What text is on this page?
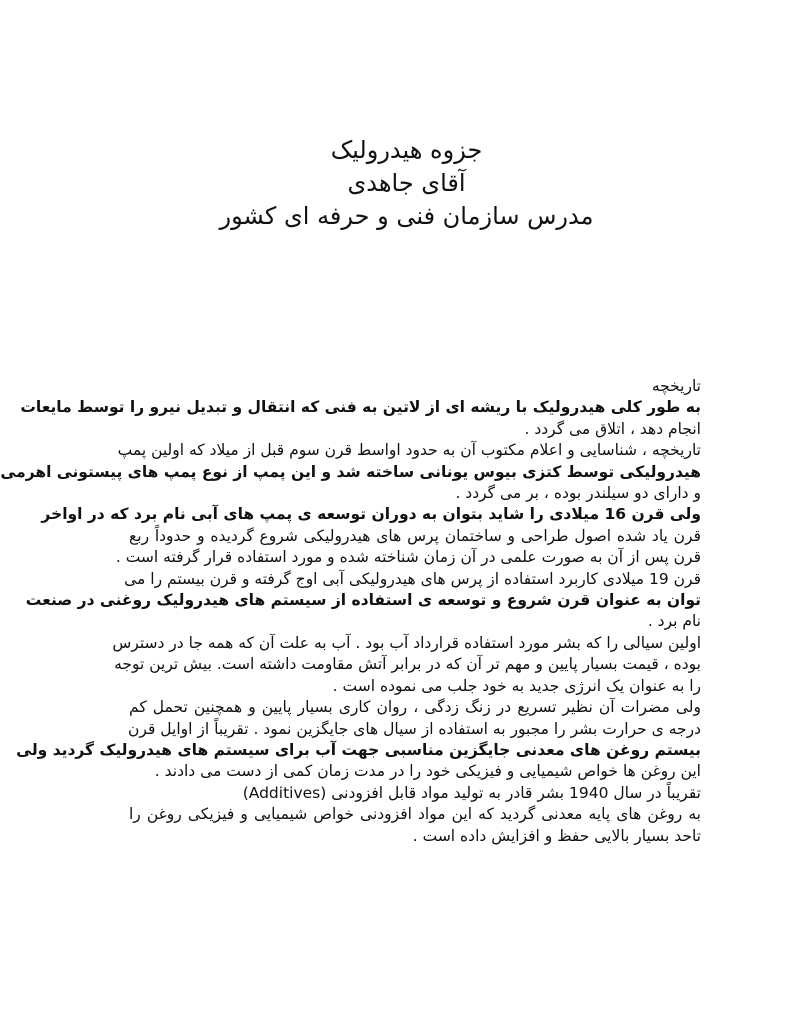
جزوه هیدرولیک

آقای جاهدی

مدرس سازمان فنی و حرفه ای کشور

تاریخچه

به طور کلی هیدرولیک با ریشه ای از لاتین به فنی که انتقال و تبدیل نیرو را توسط مایعات

انجام دهد ، اتلاق می گردد .

تاریخچه ، شناسایی و اعلام مکتوب آن به حدود اواسط قرن سوم قبل از میلاد که اولین پمپ

هیدرولیکی توسط کتزی بیوس یونانی ساخته شد و این پمپ از نوع پمپ های پیستونی اهرمی

و دارای دو سیلندر بوده ، بر می گردد .

ولی قرن 16 میلادی را شاید بتوان به دوران توسعه ی پمپ های آبی نام برد که در اواخر

قرن یاد شده اصول طراحی و ساختمان پرس های هیدرولیکی شروع گردیده و حدوداً ربع

قرن پس از آن به صورت علمی در آن زمان شناخته شده و مورد استفاده قرار گرفته است .

قرن 19 میلادی کاربرد استفاده از پرس های هیدرولیکی آبی اوج گرفته و قرن بیستم را می

توان به عنوان قرن شروع و توسعه ی استفاده از سیستم های هیدرولیک روغنی در صنعت

نام برد .

اولین سیالی را که بشر مورد استفاده قرارداد آب بود . آب به علت آن که همه جا در دسترس

بوده ، قیمت بسیار پایین و مهم تر آن که در برابر آتش مقاومت داشته است. بیش ترین توجه

را به عنوان یک انرژی جدید به خود جلب می نموده است .

ولی مضرات آن نظیر تسریع در زنگ زدگی ، روان کاری بسیار پایین و همچنین تحمل کم

درجه ی حرارت بشر را مجبور به استفاده از سیال های جایگزین نمود . تقریباً از اوایل قرن

بیستم روغن های معدنی جایگزین مناسبی جهت آب برای سیستم های هیدرولیک گردید ولی

این روغن ها خواص شیمیایی و فیزیکی خود را در مدت زمان کمی از دست می دادند .

تقریباً در سال 1940 بشر قادر به تولید مواد قابل افزودنی (Additives)

به روغن های پایه معدنی گردید که این مواد افزودنی خواص شیمیایی و فیزیکی روغن را

تاحد بسیار بالایی حفظ و افزایش داده است .
